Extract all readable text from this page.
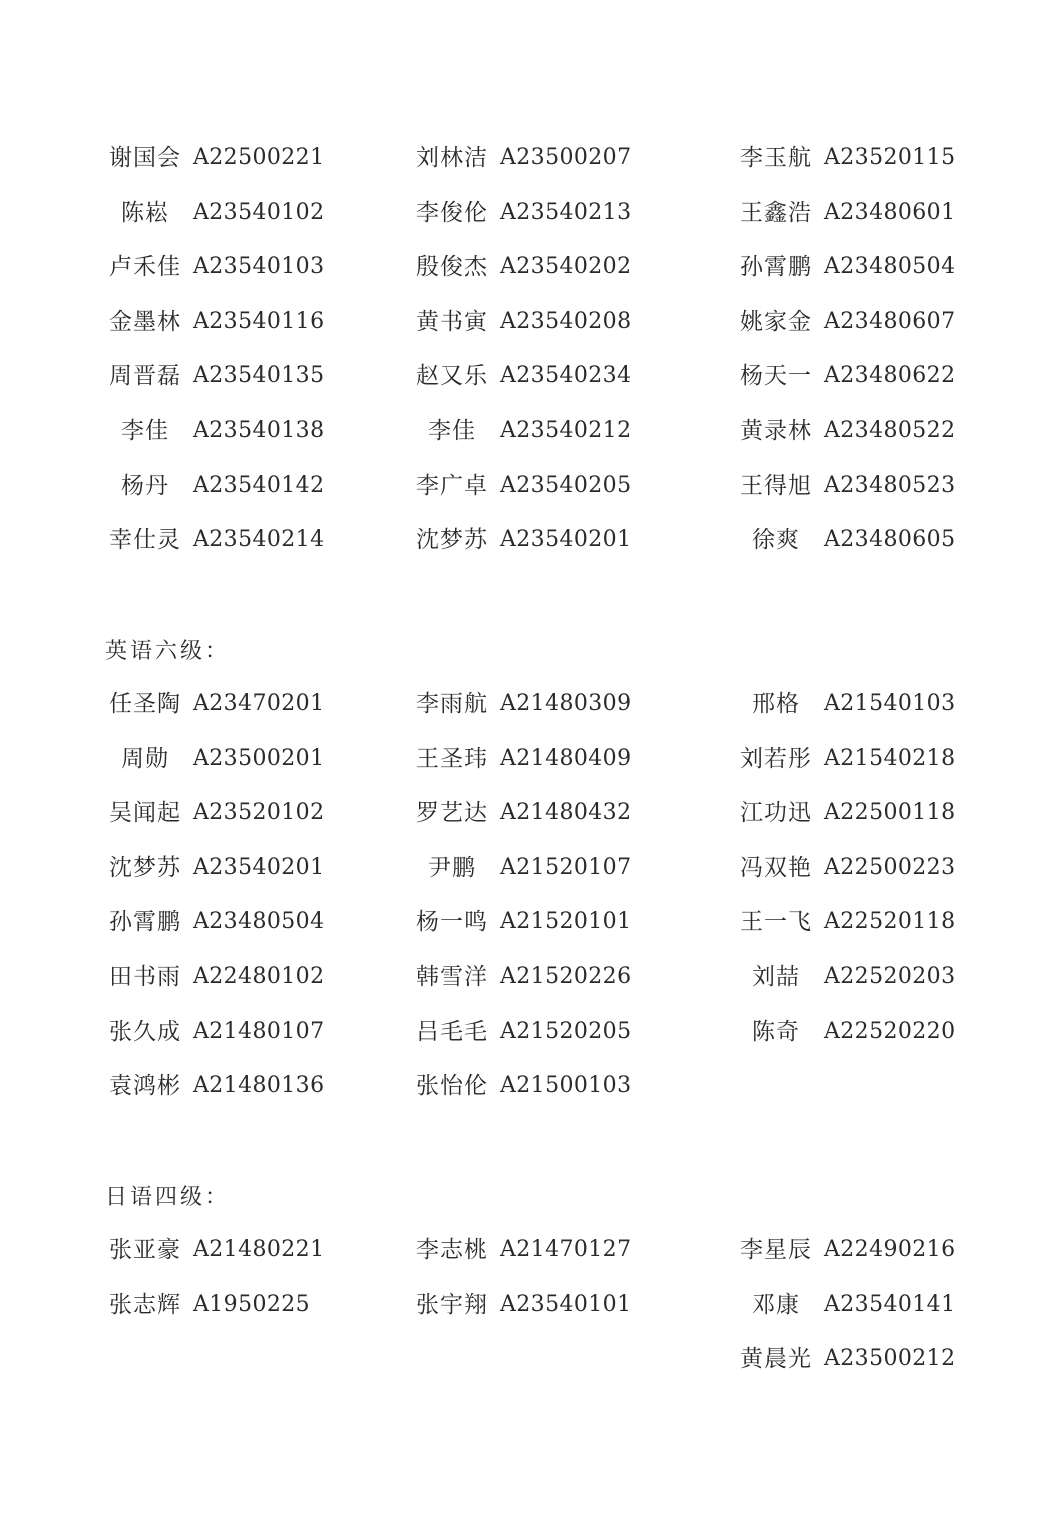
谢国会 A22500221	刘林洁 A23500207	李玉航 A23520115
陈崧	A23540102	李俊伦 A23540213	王鑫浩 A23480601
卢禾佳 A23540103	殷俊杰 A23540202	孙霄鹏 A23480504
金墨林 A23540116	黄书寅 A23540208	姚家金 A23480607
周晋磊 A23540135	赵又乐 A23540234	杨天一 A23480622
李佳	A23540138	李佳	A23540212	黄录林 A23480522
杨丹	A23540142	李广卓 A23540205	王得旭 A23480523
幸仕灵 A23540214	沈梦苏 A23540201	徐爽	A23480605
英语六级：
任圣陶 A23470201	李雨航 A21480309	邢格	A21540103
周勋	A23500201	王圣玮 A21480409	刘若彤 A21540218
吴闻起 A23520102	罗艺达 A21480432	江功迅 A22500118
沈梦苏 A23540201	尹鹏	A21520107	冯双艳 A22500223
孙霄鹏 A23480504	杨一鸣 A21520101	王一飞 A22520118
田书雨 A22480102	韩雪洋 A21520226	刘喆	A22520203
张久成 A21480107	吕毛毛 A21520205	陈奇	A22520220
袁鸿彬 A21480136	张怡伦 A21500103
日语四级：
张亚豪 A21480221	李志桃 A21470127	李星辰 A22490216
张志辉 A1950225	张宇翔 A23540101	邓康	A23540141
黄晨光 A23500212
